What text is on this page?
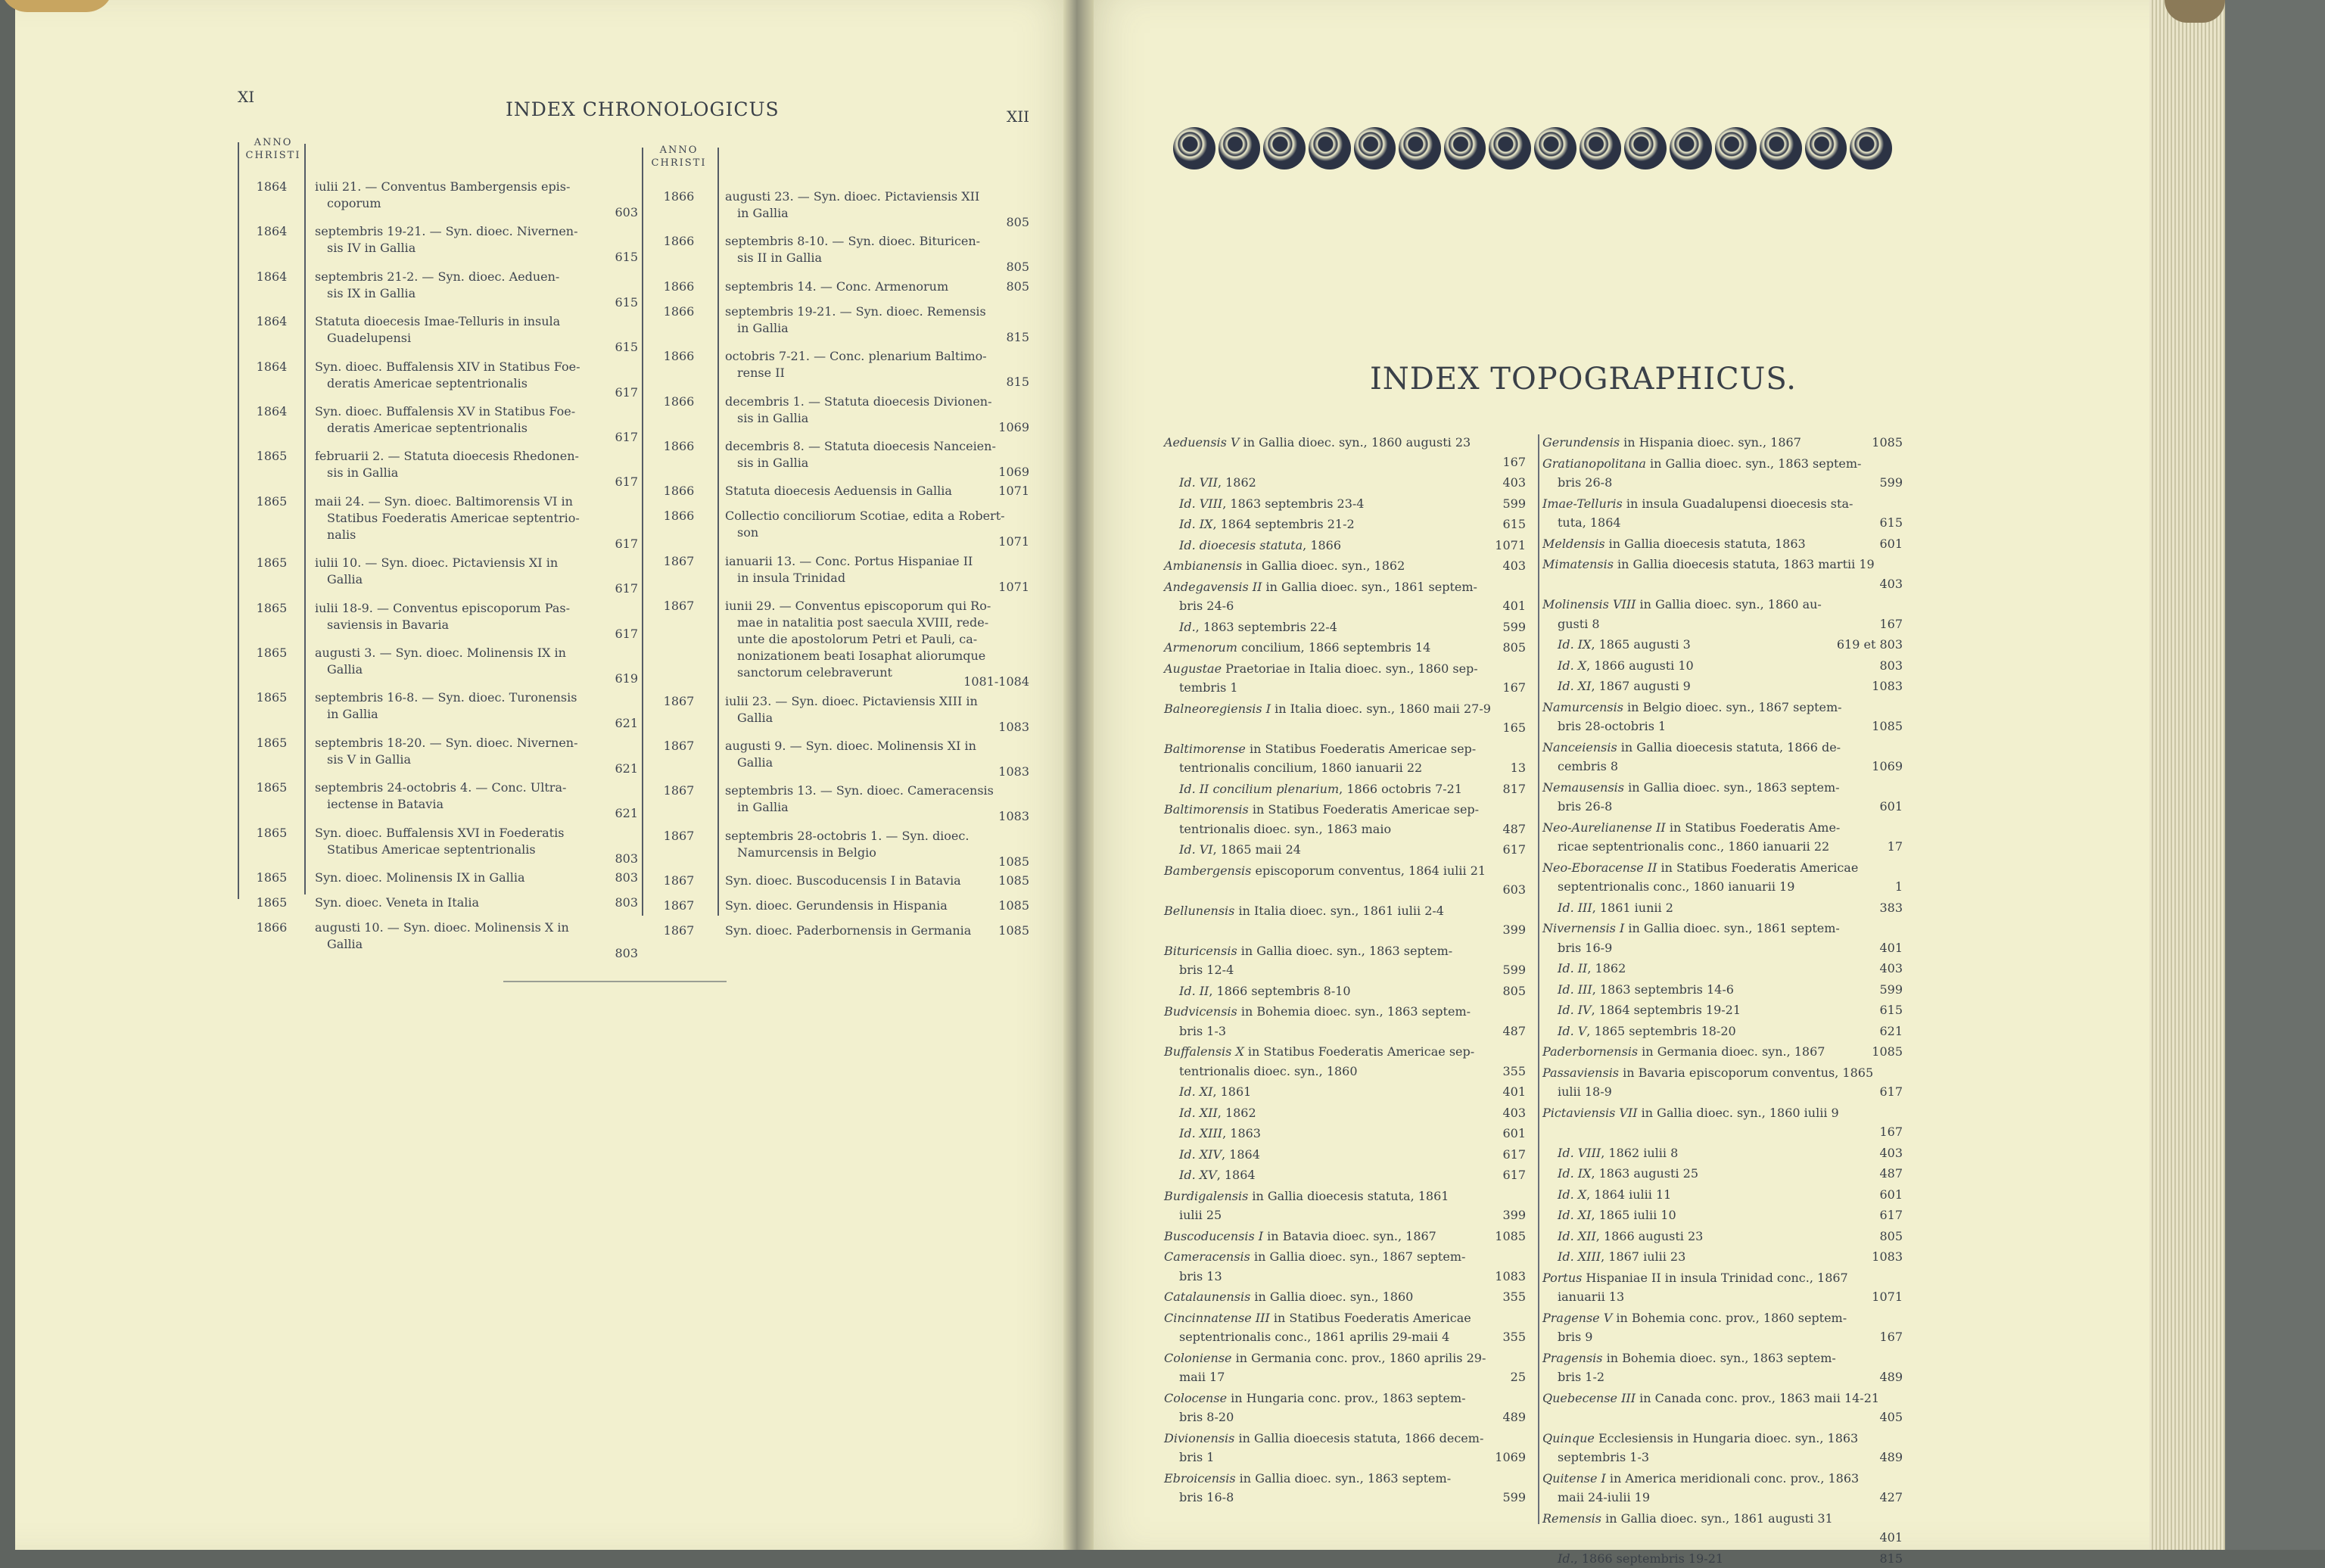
XI
INDEX CHRONOLOGICUS	XII
ANNO
CHRISTI
1864	iulii 21. — Conventus Bambergensis epis-
coporum
603
1864	septembris 19-21. — Syn. dioec. Nivernen-
sis IV in Gallia
615
1864	septembris 21-2. — Syn. dioec. Aeduen-
sis IX in Gallia
615
1864	Statuta dioecesis Imae-Telluris in insula
Guadelupensi
615
1864	Syn. dioec. Buffalensis XIV in Statibus Foe-
deratis Americae septentrionalis
617
1864	Syn. dioec. Buffalensis XV in Statibus Foe-
deratis Americae septentrionalis
617
1865	februarii 2. — Statuta dioecesis Rhedonen-
sis in Gallia
617
1865	maii 24. — Syn. dioec. Baltimorensis VI in
Statibus Foederatis Americae septentrio-
nalis
617
1865	iulii 10. — Syn. dioec. Pictaviensis XI in
Gallia
617
1865	iulii 18-9. — Conventus episcoporum Pas-
saviensis in Bavaria
617
1865	augusti 3. — Syn. dioec. Molinensis IX in
Gallia
619
1865	septembris 16-8. — Syn. dioec. Turonensis
in Gallia
621
1865	septembris 18-20. — Syn. dioec. Nivernen-
sis V in Gallia
621
1865	septembris 24-octobris 4. — Conc. Ultra-
iectense in Batavia
621
1865	Syn. dioec. Buffalensis XVI in Foederatis
Statibus Americae septentrionalis
803
1865	Syn. dioec. Molinensis IX in Gallia	803
1865	Syn. dioec. Veneta in Italia	803
1866	augusti 10. — Syn. dioec. Molinensis X in
Gallia
803
ANNO
CHRISTI
1866	augusti 23. — Syn. dioec. Pictaviensis XII
in Gallia
805
1866	septembris 8-10. — Syn. dioec. Bituricen-
sis II in Gallia
805
1866	septembris 14. — Conc. Armenorum	805
1866	septembris 19-21. — Syn. dioec. Remensis
in Gallia
815
1866	octobris 7-21. — Conc. plenarium Baltimo-
rense II
815
1866	decembris 1. — Statuta dioecesis Divionen-
sis in Gallia
1069
1866	decembris 8. — Statuta dioecesis Nanceien-
sis in Gallia
1069
1866	Statuta dioecesis Aeduensis in Gallia	1071
1866	Collectio conciliorum Scotiae, edita a Robert-
son
1071
1867	ianuarii 13. — Conc. Portus Hispaniae II
in insula Trinidad
1071
1867	iunii 29. — Conventus episcoporum qui Ro-
mae in natalitia post saecula XVIII, rede-
unte die apostolorum Petri et Pauli, ca-
nonizationem beati Iosaphat aliorumque
sanctorum celebraverunt
1081-1084
1867	iulii 23. — Syn. dioec. Pictaviensis XIII in
Gallia
1083
1867	augusti 9. — Syn. dioec. Molinensis XI in
Gallia
1083
1867	septembris 13. — Syn. dioec. Cameracensis
in Gallia
1083
1867	septembris 28-octobris 1. — Syn. dioec.
Namurcensis in Belgio
1085
1867	Syn. dioec. Buscoducensis I in Batavia	1085
1867	Syn. dioec. Gerundensis in Hispania	1085
1867	Syn. dioec. Paderbornensis in Germania 1085
INDEX TOPOGRAPHICUS.
Aeduensis V in Gallia dioec. syn., 1860 augusti 23
167
Id. VII, 1862	403
Id. VIII, 1863 septembris 23-4	599
Id. IX, 1864 septembris 21-2	615
Id. dioecesis statuta, 1866	1071
Ambianensis in Gallia dioec. syn., 1862	403
Andegavensis II in Gallia dioec. syn., 1861 septem-
bris 24-6	401
Id., 1863 septembris 22-4	599
Armenorum concilium, 1866 septembris 14	805
Augustae Praetoriae in Italia dioec. syn., 1860 sep-
tembris 1	167
Balneoregiensis I in Italia dioec. syn., 1860 maii 27-9
165
Baltimorense in Statibus Foederatis Americae sep-
tentrionalis concilium, 1860 ianuarii 22	13
Id. II concilium plenarium, 1866 octobris 7-21	817
Baltimorensis in Statibus Foederatis Americae sep-
tentrionalis dioec. syn., 1863 maio	487
Id. VI, 1865 maii 24	617
Bambergensis episcoporum conventus, 1864 iulii 21
603
Bellunensis in Italia dioec. syn., 1861 iulii 2-4
399
Bituricensis in Gallia dioec. syn., 1863 septem-
bris 12-4	599
Id. II, 1866 septembris 8-10	805
Budvicensis in Bohemia dioec. syn., 1863 septem-
bris 1-3	487
Buffalensis X in Statibus Foederatis Americae sep-
tentrionalis dioec. syn., 1860	355
Id. XI, 1861	401
Id. XII, 1862	403
Id. XIII, 1863	601
Id. XIV, 1864	617
Id. XV, 1864	617
Burdigalensis in Gallia dioecesis statuta, 1861
iulii 25	399
Buscoducensis I in Batavia dioec. syn., 1867	1085
Cameracensis in Gallia dioec. syn., 1867 septem-
bris 13	1083
Catalaunensis in Gallia dioec. syn., 1860	355
Cincinnatense III in Statibus Foederatis Americae
septentrionalis conc., 1861 aprilis 29-maii 4	355
Coloniense in Germania conc. prov., 1860 aprilis 29-
maii 17	25
Colocense in Hungaria conc. prov., 1863 septem-
bris 8-20	489
Divionensis in Gallia dioecesis statuta, 1866 decem-
bris 1	1069
Ebroicensis in Gallia dioec. syn., 1863 septem-
bris 16-8	599
Gerundensis in Hispania dioec. syn., 1867	1085
Gratianopolitana in Gallia dioec. syn., 1863 septem-
bris 26-8	599
Imae-Telluris in insula Guadalupensi dioecesis sta-
tuta, 1864	615
Meldensis in Gallia dioecesis statuta, 1863	601
Mimatensis in Gallia dioecesis statuta, 1863 martii 19
403
Molinensis VIII in Gallia dioec. syn., 1860 au-
gusti 8	167
Id. IX, 1865 augusti 3	619 et 803
Id. X, 1866 augusti 10	803
Id. XI, 1867 augusti 9	1083
Namurcensis in Belgio dioec. syn., 1867 septem-
bris 28-octobris 1	1085
Nanceiensis in Gallia dioecesis statuta, 1866 de-
cembris 8	1069
Nemausensis in Gallia dioec. syn., 1863 septem-
bris 26-8	601
Neo-Aurelianense II in Statibus Foederatis Ame-
ricae septentrionalis conc., 1860 ianuarii 22	17
Neo-Eboracense II in Statibus Foederatis Americae
septentrionalis conc., 1860 ianuarii 19	1
Id. III, 1861 iunii 2	383
Nivernensis I in Gallia dioec. syn., 1861 septem-
bris 16-9	401
Id. II, 1862	403
Id. III, 1863 septembris 14-6	599
Id. IV, 1864 septembris 19-21	615
Id. V, 1865 septembris 18-20	621
Paderbornensis in Germania dioec. syn., 1867	1085
Passaviensis in Bavaria episcoporum conventus, 1865
iulii 18-9	617
Pictaviensis VII in Gallia dioec. syn., 1860 iulii 9
167
Id. VIII, 1862 iulii 8	403
Id. IX, 1863 augusti 25	487
Id. X, 1864 iulii 11	601
Id. XI, 1865 iulii 10	617
Id. XII, 1866 augusti 23	805
Id. XIII, 1867 iulii 23	1083
Portus Hispaniae II in insula Trinidad conc., 1867
ianuarii 13	1071
Pragense V in Bohemia conc. prov., 1860 septem-
bris 9	167
Pragensis in Bohemia dioec. syn., 1863 septem-
bris 1-2	489
Quebecense III in Canada conc. prov., 1863 maii 14-21
405
Quinque Ecclesiensis in Hungaria dioec. syn., 1863
septembris 1-3	489
Quitense I in America meridionali conc. prov., 1863
maii 24-iulii 19	427
Remensis in Gallia dioec. syn., 1861 augusti 31
401
Id., 1866 septembris 19-21	815
